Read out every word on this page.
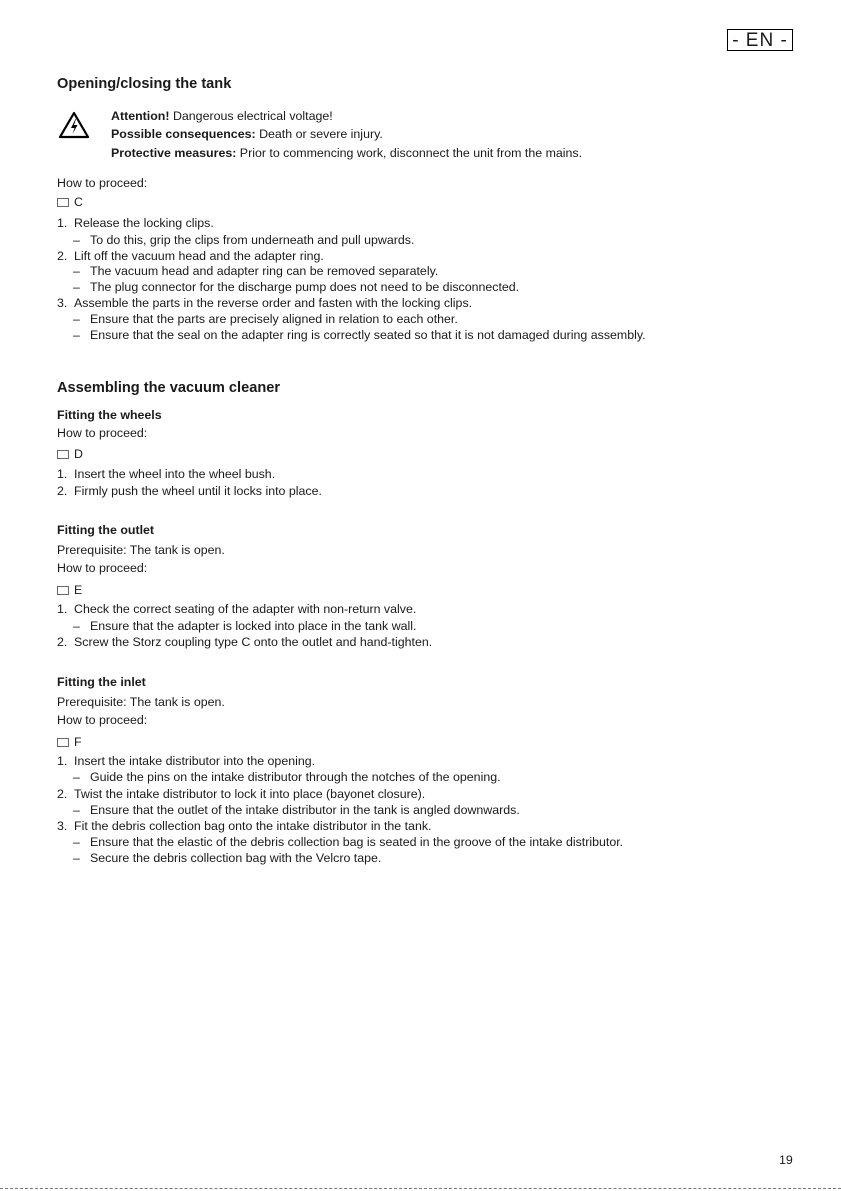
- EN -
Opening/closing the tank
Attention! Dangerous electrical voltage!
Possible consequences: Death or severe injury.
Protective measures: Prior to commencing work, disconnect the unit from the mains.
How to proceed:
C
1. Release the locking clips.
– To do this, grip the clips from underneath and pull upwards.
2. Lift off the vacuum head and the adapter ring.
– The vacuum head and adapter ring can be removed separately.
– The plug connector for the discharge pump does not need to be disconnected.
3. Assemble the parts in the reverse order and fasten with the locking clips.
– Ensure that the parts are precisely aligned in relation to each other.
– Ensure that the seal on the adapter ring is correctly seated so that it is not damaged during assembly.
Assembling the vacuum cleaner
Fitting the wheels
How to proceed:
D
1. Insert the wheel into the wheel bush.
2. Firmly push the wheel until it locks into place.
Fitting the outlet
Prerequisite: The tank is open.
How to proceed:
E
1. Check the correct seating of the adapter with non-return valve.
– Ensure that the adapter is locked into place in the tank wall.
2. Screw the Storz coupling type C onto the outlet and hand-tighten.
Fitting the inlet
Prerequisite: The tank is open.
How to proceed:
F
1. Insert the intake distributor into the opening.
– Guide the pins on the intake distributor through the notches of the opening.
2. Twist the intake distributor to lock it into place (bayonet closure).
– Ensure that the outlet of the intake distributor in the tank is angled downwards.
3. Fit the debris collection bag onto the intake distributor in the tank.
– Ensure that the elastic of the debris collection bag is seated in the groove of the intake distributor.
– Secure the debris collection bag with the Velcro tape.
19
